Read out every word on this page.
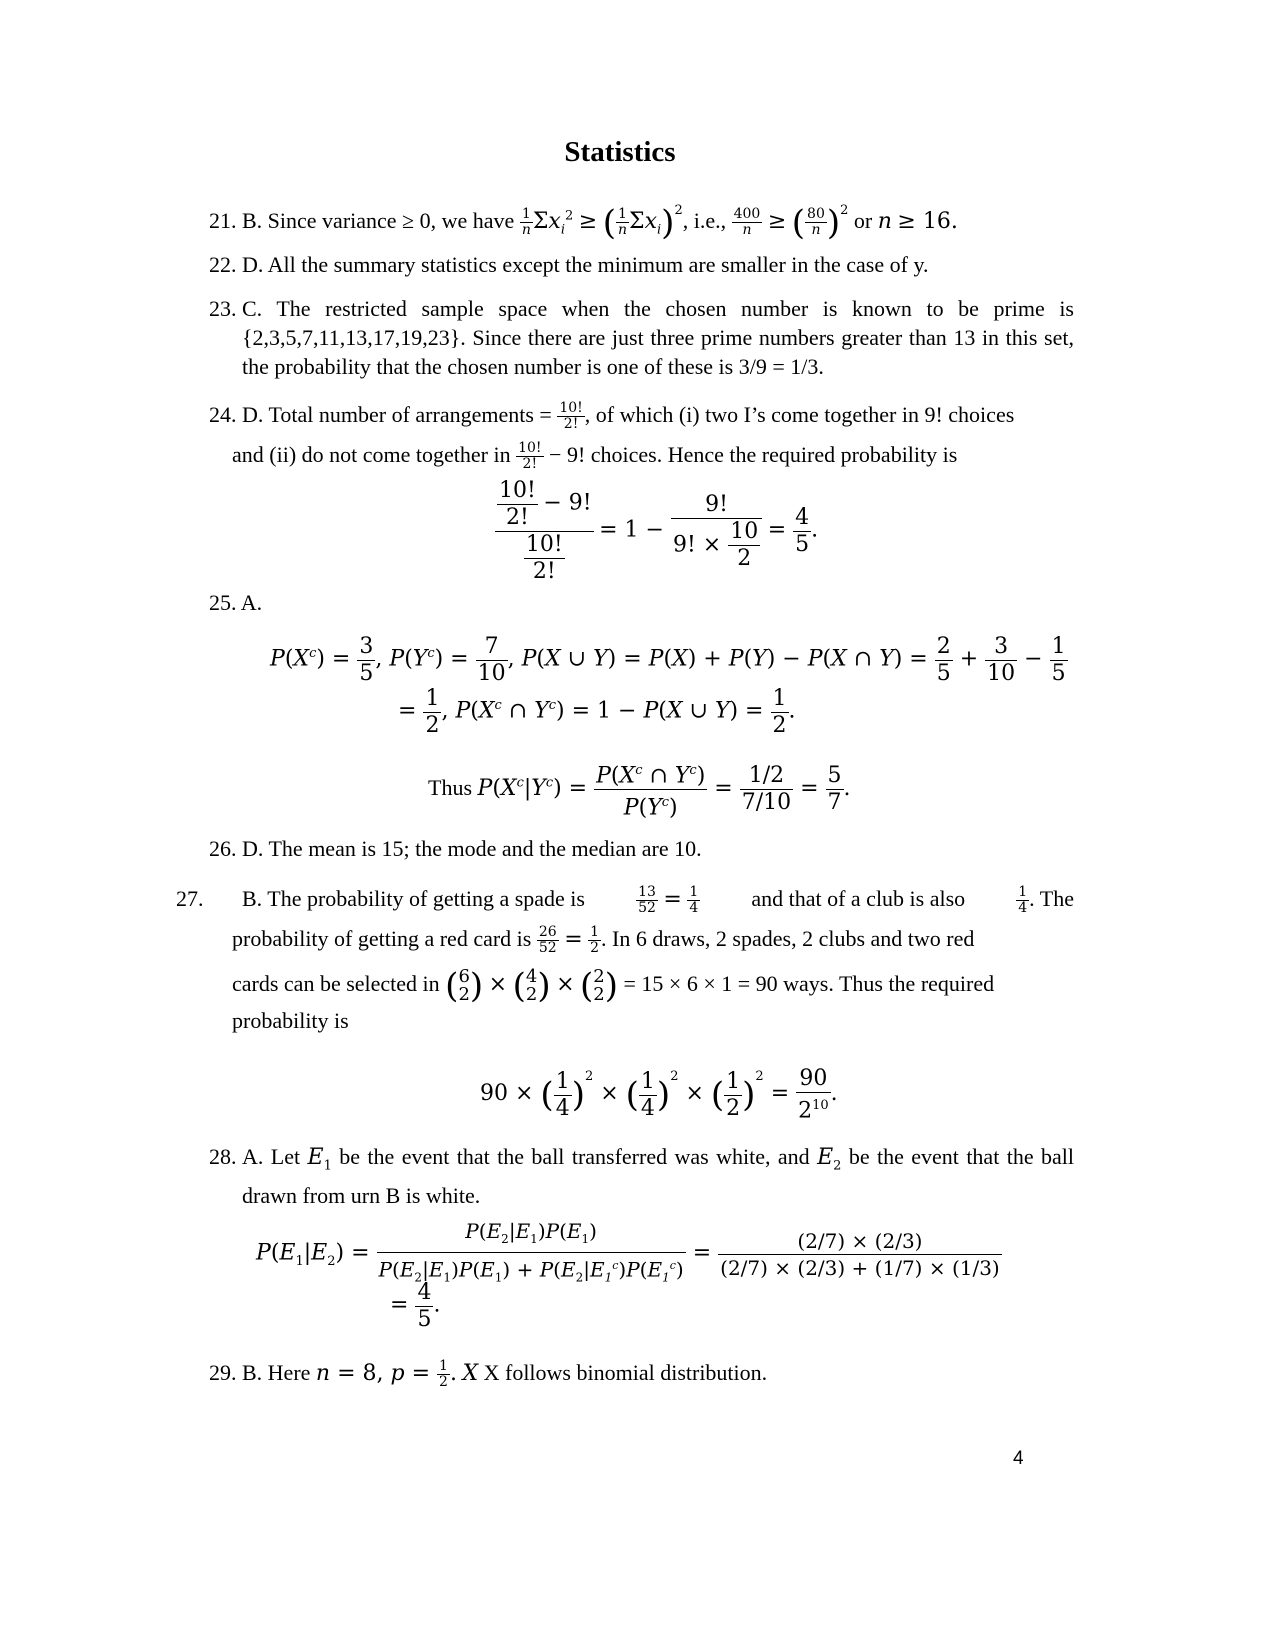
Statistics
21. B. Since variance ≥ 0, we have $\frac{1}{n} \Sigma x_i^2$ ≥ ( $\frac{1}{n} \Sigma x_i)^2$, i.e., $\frac{400}{n}$ ≥ ( $\frac{80}{n} )^2$ or n ≥ 16.
22. D. All the summary statistics except the minimum are smaller in the case of y.
23. C. The restricted sample space when the chosen number is known to be prime is {2,3,5,7,11,13,17,19,23}. Since there are just three prime numbers greater than 13 in this set, the probability that the chosen number is one of these is 3/9 = 1/3.
24. D. Total number of arrangements = $\frac{10!}{2!}$ , of which (i) two I’s come together in 9! choices
and (ii) do not come together in $\frac{10!}{2!} - 9$! choices. Hence the required probability is
$\frac{\frac{10!}{2!} - 9!}{\frac{10!}{2!}} = 1 - \frac{9!}{9! \times \frac{10}{2}} = \frac{4}{5}$ .
25. A.
$P(X^c) = \frac{3}{5}$ , $P(Y^c) = \frac{7}{10}$ , P(X ∪ Y) = P(X) + P(Y) − P(X ∩ $Y) = \frac{2}{5} + \frac{3}{10} - \frac{1}{5}$
= $\frac{1}{2}$ , $P(X^c$ ∩ $Y^c) = 1 - P(X$ ∪ $Y) = \frac{1}{2}$ .
Thus $P(X^c|Y^c) = \frac{P(X^c \cap Y^c)}{P(Y^c)} = \frac{1/2}{7/10} = \frac{5}{7}$ .
26. D. The mean is 15; the mode and the median are 10.
27. B. The probability of getting a spade is	$\frac{13}{52} = \frac{1}{4}$ and that of a club is also	$\frac{1}{4}$ . The
probability of getting a red card is $\frac{26}{52} = \frac{1}{2}$ . In 6 draws, 2 spades, 2 clubs and two red
cards can be selected in ( 6
2 ) × ( 4
2 ) × ( 2
2 ) = 15 × 6 × 1 = 90 ways. Thus the required
probability is
90 × ( $\frac{1}{4} )^2$ × ( $\frac{1}{4} )^2$ × ( $\frac{1}{2} )^2 = \frac{90}{2^{10}}$ .
28. A. Let $E_1$ be the event that the ball transferred was white, and $E_2$ be the event that the ball drawn from urn B is white.
$P(E_1|E_2) = \frac{P(E_2|E_1)P(E_1)}{P(E_2|E_1)P(E_1) + P(E_2|E_1^c)P(E_1^c)} = \frac{(2/7) \times (2/3)}{(2/7) \times (2/3) + (1/7) \times (1/3)}$
= $\frac{4}{5}$ .
29. B. Here n = 8, $p = \frac{1}{2}$ . X X follows binomial distribution.
4
